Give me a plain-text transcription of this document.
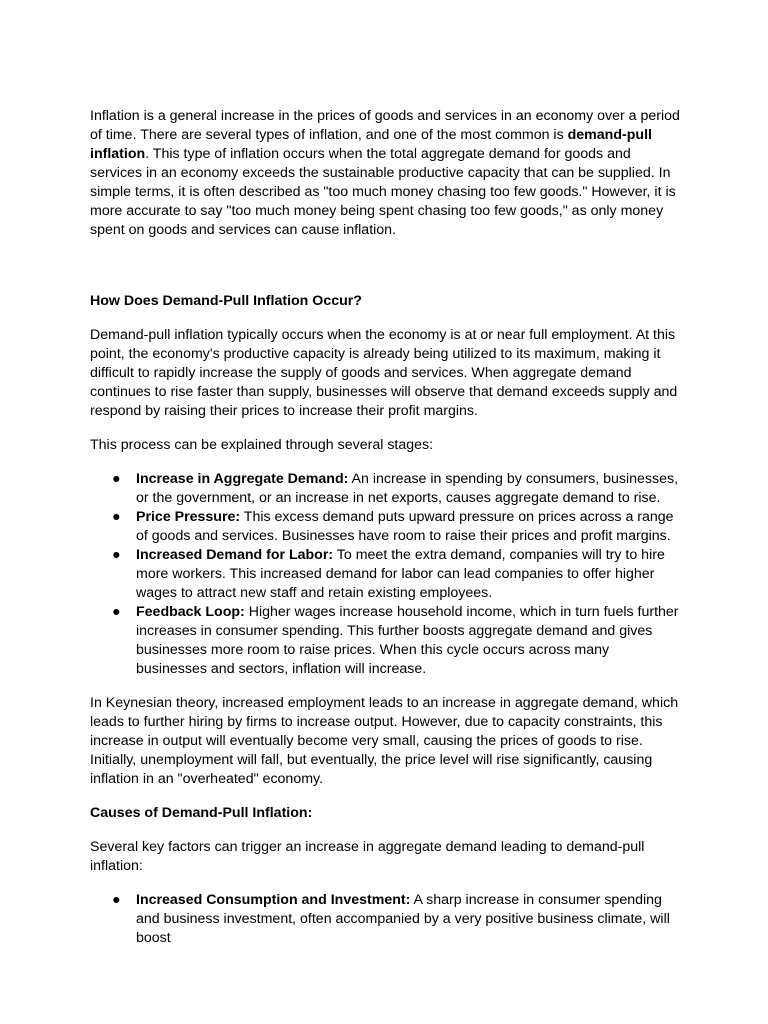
Inflation is a general increase in the prices of goods and services in an economy over a period of time. There are several types of inflation, and one of the most common is demand-pull inflation. This type of inflation occurs when the total aggregate demand for goods and services in an economy exceeds the sustainable productive capacity that can be supplied. In simple terms, it is often described as "too much money chasing too few goods." However, it is more accurate to say "too much money being spent chasing too few goods," as only money spent on goods and services can cause inflation.

How Does Demand-Pull Inflation Occur?

Demand-pull inflation typically occurs when the economy is at or near full employment. At this point, the economy's productive capacity is already being utilized to its maximum, making it difficult to rapidly increase the supply of goods and services. When aggregate demand continues to rise faster than supply, businesses will observe that demand exceeds supply and respond by raising their prices to increase their profit margins.

This process can be explained through several stages:

● Increase in Aggregate Demand: An increase in spending by consumers, businesses, or the government, or an increase in net exports, causes aggregate demand to rise.
● Price Pressure: This excess demand puts upward pressure on prices across a range of goods and services. Businesses have room to raise their prices and profit margins.
● Increased Demand for Labor: To meet the extra demand, companies will try to hire more workers. This increased demand for labor can lead companies to offer higher wages to attract new staff and retain existing employees.
● Feedback Loop: Higher wages increase household income, which in turn fuels further increases in consumer spending. This further boosts aggregate demand and gives businesses more room to raise prices. When this cycle occurs across many businesses and sectors, inflation will increase.

In Keynesian theory, increased employment leads to an increase in aggregate demand, which leads to further hiring by firms to increase output. However, due to capacity constraints, this increase in output will eventually become very small, causing the prices of goods to rise. Initially, unemployment will fall, but eventually, the price level will rise significantly, causing inflation in an "overheated" economy.

Causes of Demand-Pull Inflation:

Several key factors can trigger an increase in aggregate demand leading to demand-pull inflation:

● Increased Consumption and Investment: A sharp increase in consumer spending and business investment, often accompanied by a very positive business climate, will boost
